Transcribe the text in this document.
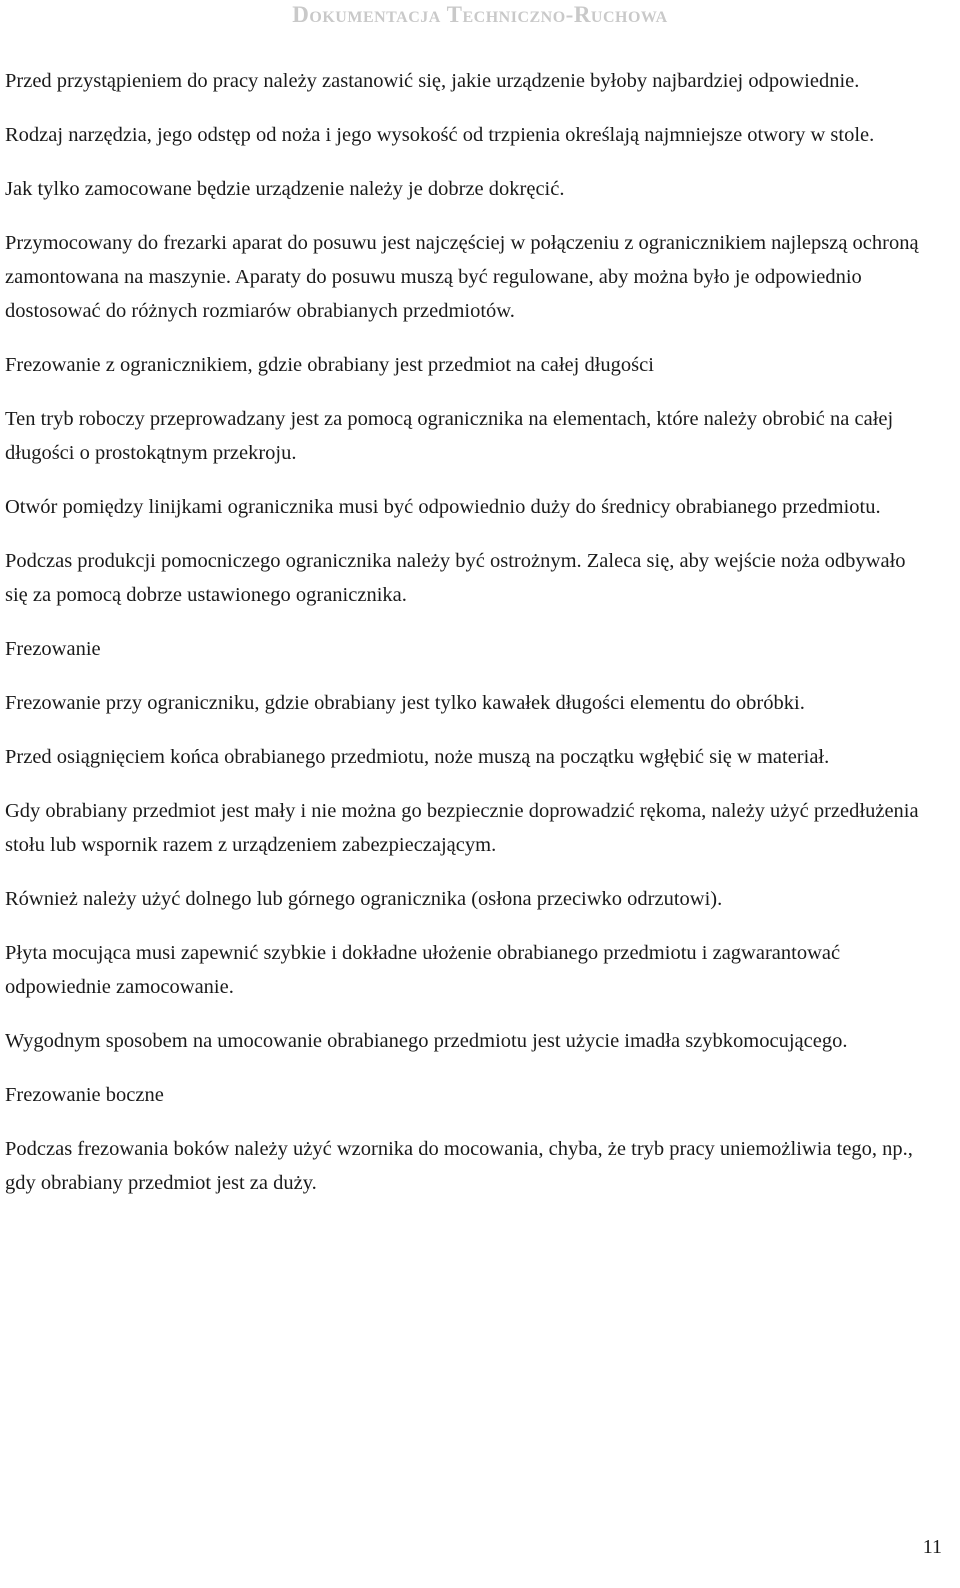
Dokumentacja Techniczno-Ruchowa

Przed przystąpieniem do pracy należy zastanowić się, jakie urządzenie byłoby najbardziej odpowiednie.

Rodzaj narzędzia, jego odstęp od noża i jego wysokość od trzpienia określają najmniejsze otwory w stole.

Jak tylko zamocowane będzie urządzenie należy je dobrze dokręcić.

Przymocowany do frezarki aparat do posuwu jest najczęściej w połączeniu z ogranicznikiem najlepszą ochroną zamontowana na maszynie. Aparaty do posuwu muszą być regulowane, aby można było je odpowiednio dostosować do różnych rozmiarów obrabianych przedmiotów.

Frezowanie z ogranicznikiem, gdzie obrabiany jest przedmiot na całej długości

Ten tryb roboczy przeprowadzany jest za pomocą ogranicznika na elementach, które należy obrobić na całej długości o prostokątnym przekroju.

Otwór pomiędzy linijkami ogranicznika musi być odpowiednio duży do średnicy obrabianego przedmiotu.

Podczas produkcji pomocniczego ogranicznika należy być ostrożnym. Zaleca się, aby wejście noża odbywało się za pomocą dobrze ustawionego ogranicznika.

Frezowanie

Frezowanie przy ograniczniku, gdzie obrabiany jest tylko kawałek długości elementu do obróbki.

Przed osiągnięciem końca obrabianego przedmiotu, noże muszą na początku wgłębić się w materiał.

Gdy obrabiany przedmiot jest mały i nie można go bezpiecznie doprowadzić rękoma, należy użyć przedłużenia stołu lub wspornik razem z urządzeniem zabezpieczającym.

Również należy użyć dolnego lub górnego ogranicznika (osłona przeciwko odrzutowi).

Płyta mocująca musi zapewnić szybkie i dokładne ułożenie obrabianego przedmiotu i zagwarantować odpowiednie zamocowanie.

Wygodnym sposobem na umocowanie obrabianego przedmiotu jest użycie imadła szybkomocującego.

Frezowanie boczne

Podczas frezowania boków należy użyć wzornika do mocowania, chyba, że tryb pracy uniemożliwia tego, np., gdy obrabiany przedmiot jest za duży.

11
